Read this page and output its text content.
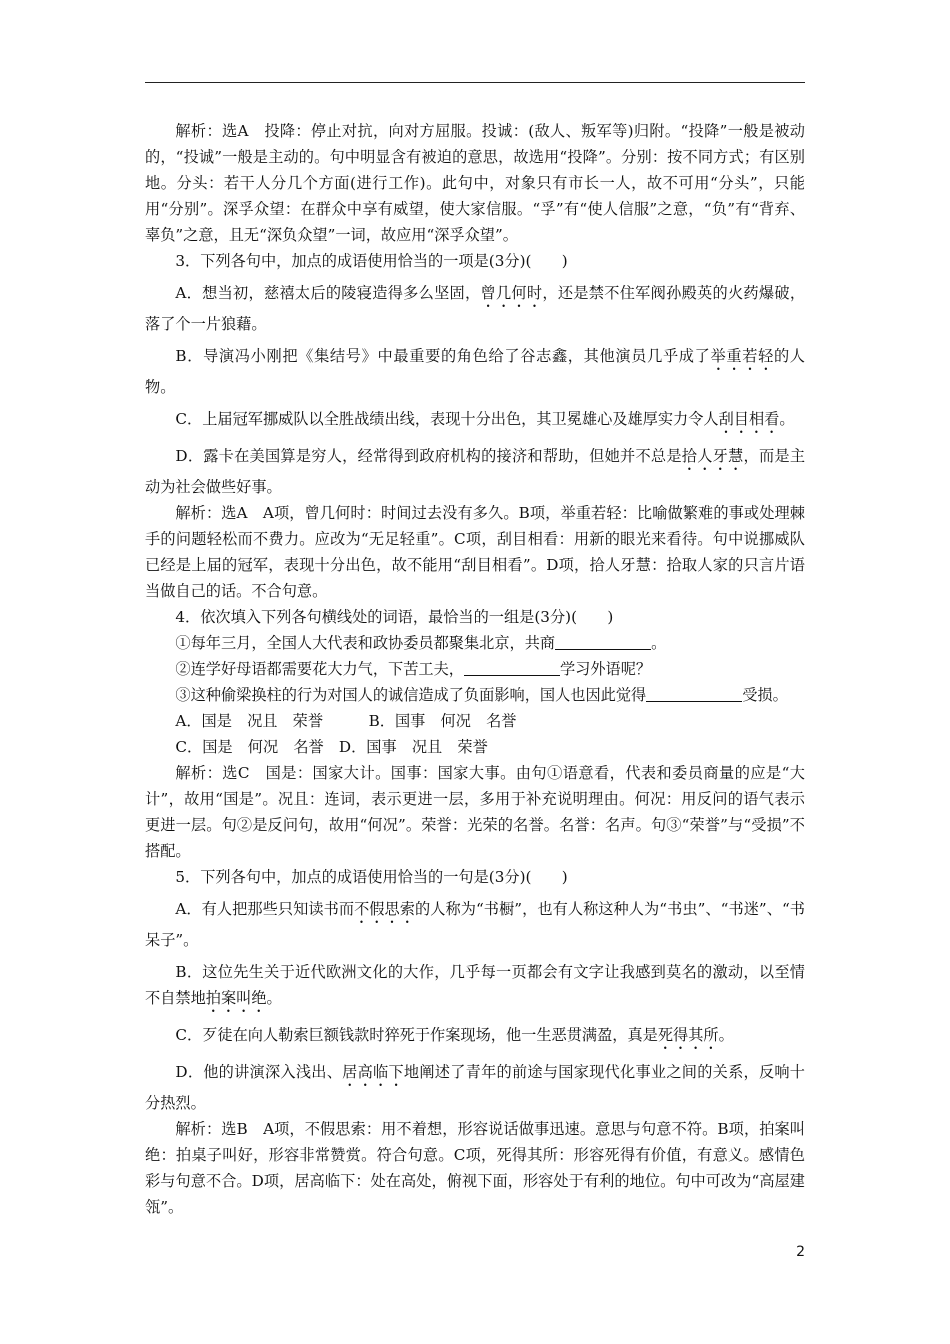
解析：选A　投降：停止对抗，向对方屈服。投诚：(敌人、叛军等)归附。“投降”一般是被动的，“投诚”一般是主动的。句中明显含有被迫的意思，故选用“投降”。分别：按不同方式；有区别地。分头：若干人分几个方面(进行工作)。此句中，对象只有市长一人，故不可用“分头”，只能用“分别”。深孚众望：在群众中享有威望，使大家信服。“孚”有“使人信服”之意，“负”有“背弃、辜负”之意，且无“深负众望”一词，故应用“深孚众望”。

3．下列各句中，加点的成语使用恰当的一项是(3分)(　　)

A．想当初，慈禧太后的陵寝造得多么坚固，曾几何时，还是禁不住军阀孙殿英的火药爆破，落了个一片狼藉。

B．导演冯小刚把《集结号》中最重要的角色给了谷志鑫，其他演员几乎成了举重若轻的人物。

C．上届冠军挪威队以全胜战绩出线，表现十分出色，其卫冕雄心及雄厚实力令人刮目相看。

D．露卡在美国算是穷人，经常得到政府机构的接济和帮助，但她并不总是拾人牙慧，而是主动为社会做些好事。

解析：选A　A项，曾几何时：时间过去没有多久。B项，举重若轻：比喻做繁难的事或处理棘手的问题轻松而不费力。应改为“无足轻重”。C项，刮目相看：用新的眼光来看待。句中说挪威队已经是上届的冠军，表现十分出色，故不能用“刮目相看”。D项，拾人牙慧：拾取人家的只言片语当做自己的话。不合句意。

4．依次填入下列各句横线处的词语，最恰当的一组是(3分)(　　)

①每年三月，全国人大代表和政协委员都聚集北京，共商	。

②连学好母语都需要花大力气，下苦工夫，	学习外语呢？

③这种偷梁换柱的行为对国人的诚信造成了负面影响，国人也因此觉得	受损。

A．国是　况且　荣誉　　　B．国事　何况　名誉

C．国是　何况　名誉　D．国事　况且　荣誉

解析：选C　国是：国家大计。国事：国家大事。由句①语意看，代表和委员商量的应是“大计”，故用“国是”。况且：连词，表示更进一层，多用于补充说明理由。何况：用反问的语气表示更进一层。句②是反问句，故用“何况”。荣誉：光荣的名誉。名誉：名声。句③“荣誉”与“受损”不搭配。

5．下列各句中，加点的成语使用恰当的一句是(3分)(　　)

A．有人把那些只知读书而不假思索的人称为“书橱”，也有人称这种人为“书虫”、“书迷”、“书呆子”。

B．这位先生关于近代欧洲文化的大作，几乎每一页都会有文字让我感到莫名的激动，以至情不自禁地拍案叫绝。

C．歹徒在向人勒索巨额钱款时猝死于作案现场，他一生恶贯满盈，真是死得其所。

D．他的讲演深入浅出、居高临下地阐述了青年的前途与国家现代化事业之间的关系，反响十分热烈。

解析：选B　A项，不假思索：用不着想，形容说话做事迅速。意思与句意不符。B项，拍案叫绝：拍桌子叫好，形容非常赞赏。符合句意。C项，死得其所：形容死得有价值，有意义。感情色彩与句意不合。D项，居高临下：处在高处，俯视下面，形容处于有利的地位。句中可改为“高屋建瓴”。

2
